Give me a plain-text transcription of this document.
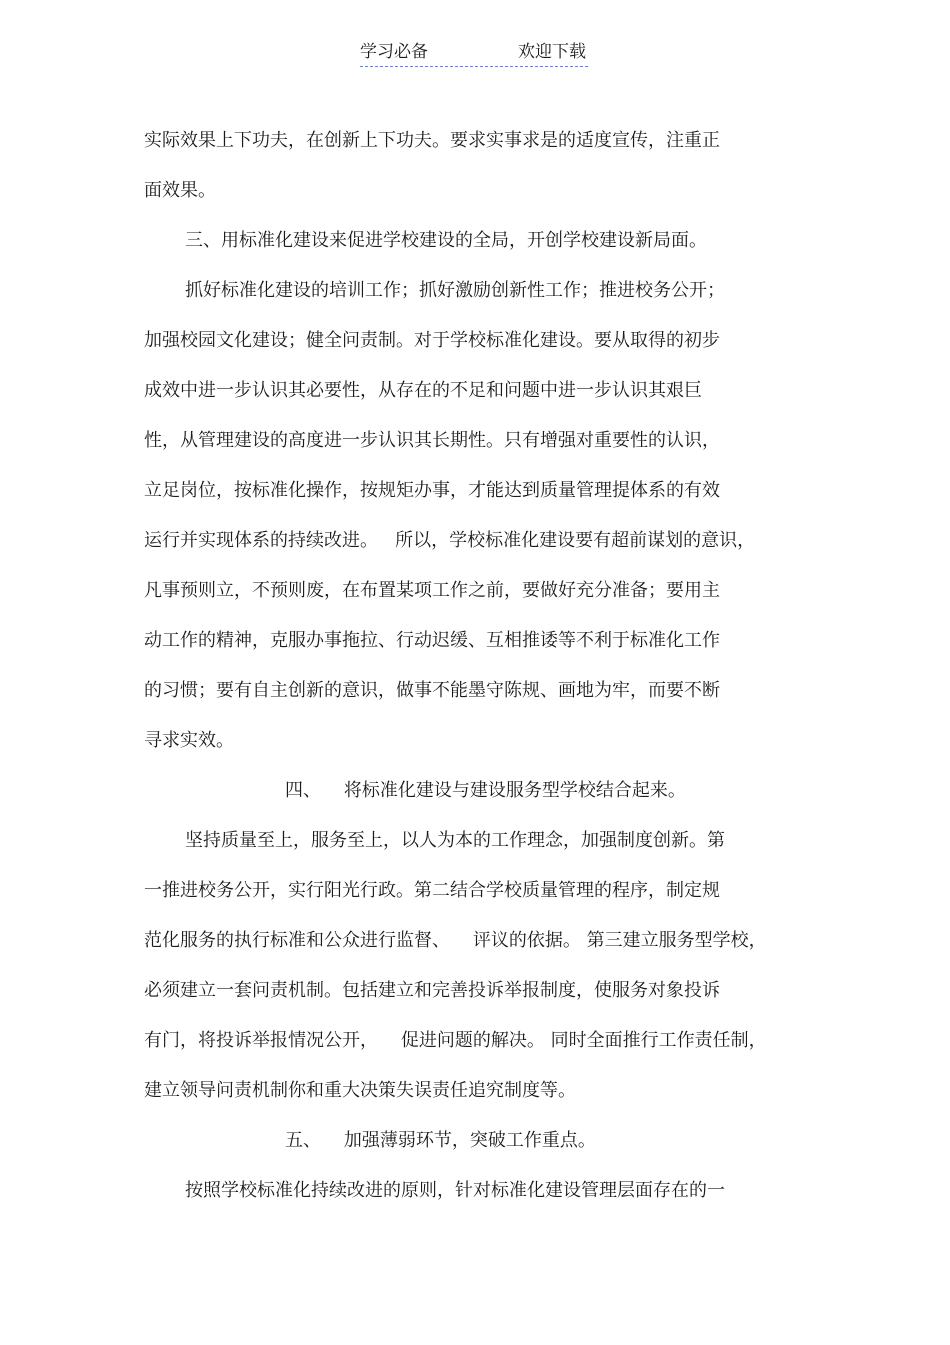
学习必备	欢迎下载
实际效果上下功夫，在创新上下功夫。要求实事求是的适度宣传，注重正
面效果。
三、用标准化建设来促进学校建设的全局，开创学校建设新局面。
抓好标准化建设的培训工作；抓好激励创新性工作；推进校务公开；
加强校园文化建设；健全问责制。对于学校标准化建设。要从取得的初步
成效中进一步认识其必要性，从存在的不足和问题中进一步认识其艰巨
性，从管理建设的高度进一步认识其长期性。只有增强对重要性的认识，
立足岗位，按标准化操作，按规矩办事，才能达到质量管理提体系的有效
运行并实现体系的持续改进。   所以，学校标准化建设要有超前谋划的意识，
凡事预则立，不预则废，在布置某项工作之前，要做好充分准备；要用主
动工作的精神，克服办事拖拉、行动迟缓、互相推诿等不利于标准化工作
的习惯；要有自主创新的意识，做事不能墨守陈规、画地为牢，而要不断
寻求实效。
四、    将标准化建设与建设服务型学校结合起来。
坚持质量至上，服务至上，以人为本的工作理念，加强制度创新。第
一推进校务公开，实行阳光行政。第二结合学校质量管理的程序，制定规
范化服务的执行标准和公众进行监督、    评议的依据。 第三建立服务型学校，
必须建立一套问责机制。包括建立和完善投诉举报制度，使服务对象投诉
有门，将投诉举报情况公开，    促进问题的解决。 同时全面推行工作责任制，
建立领导问责机制你和重大决策失误责任追究制度等。
五、    加强薄弱环节，突破工作重点。
按照学校标准化持续改进的原则，针对标准化建设管理层面存在的一
